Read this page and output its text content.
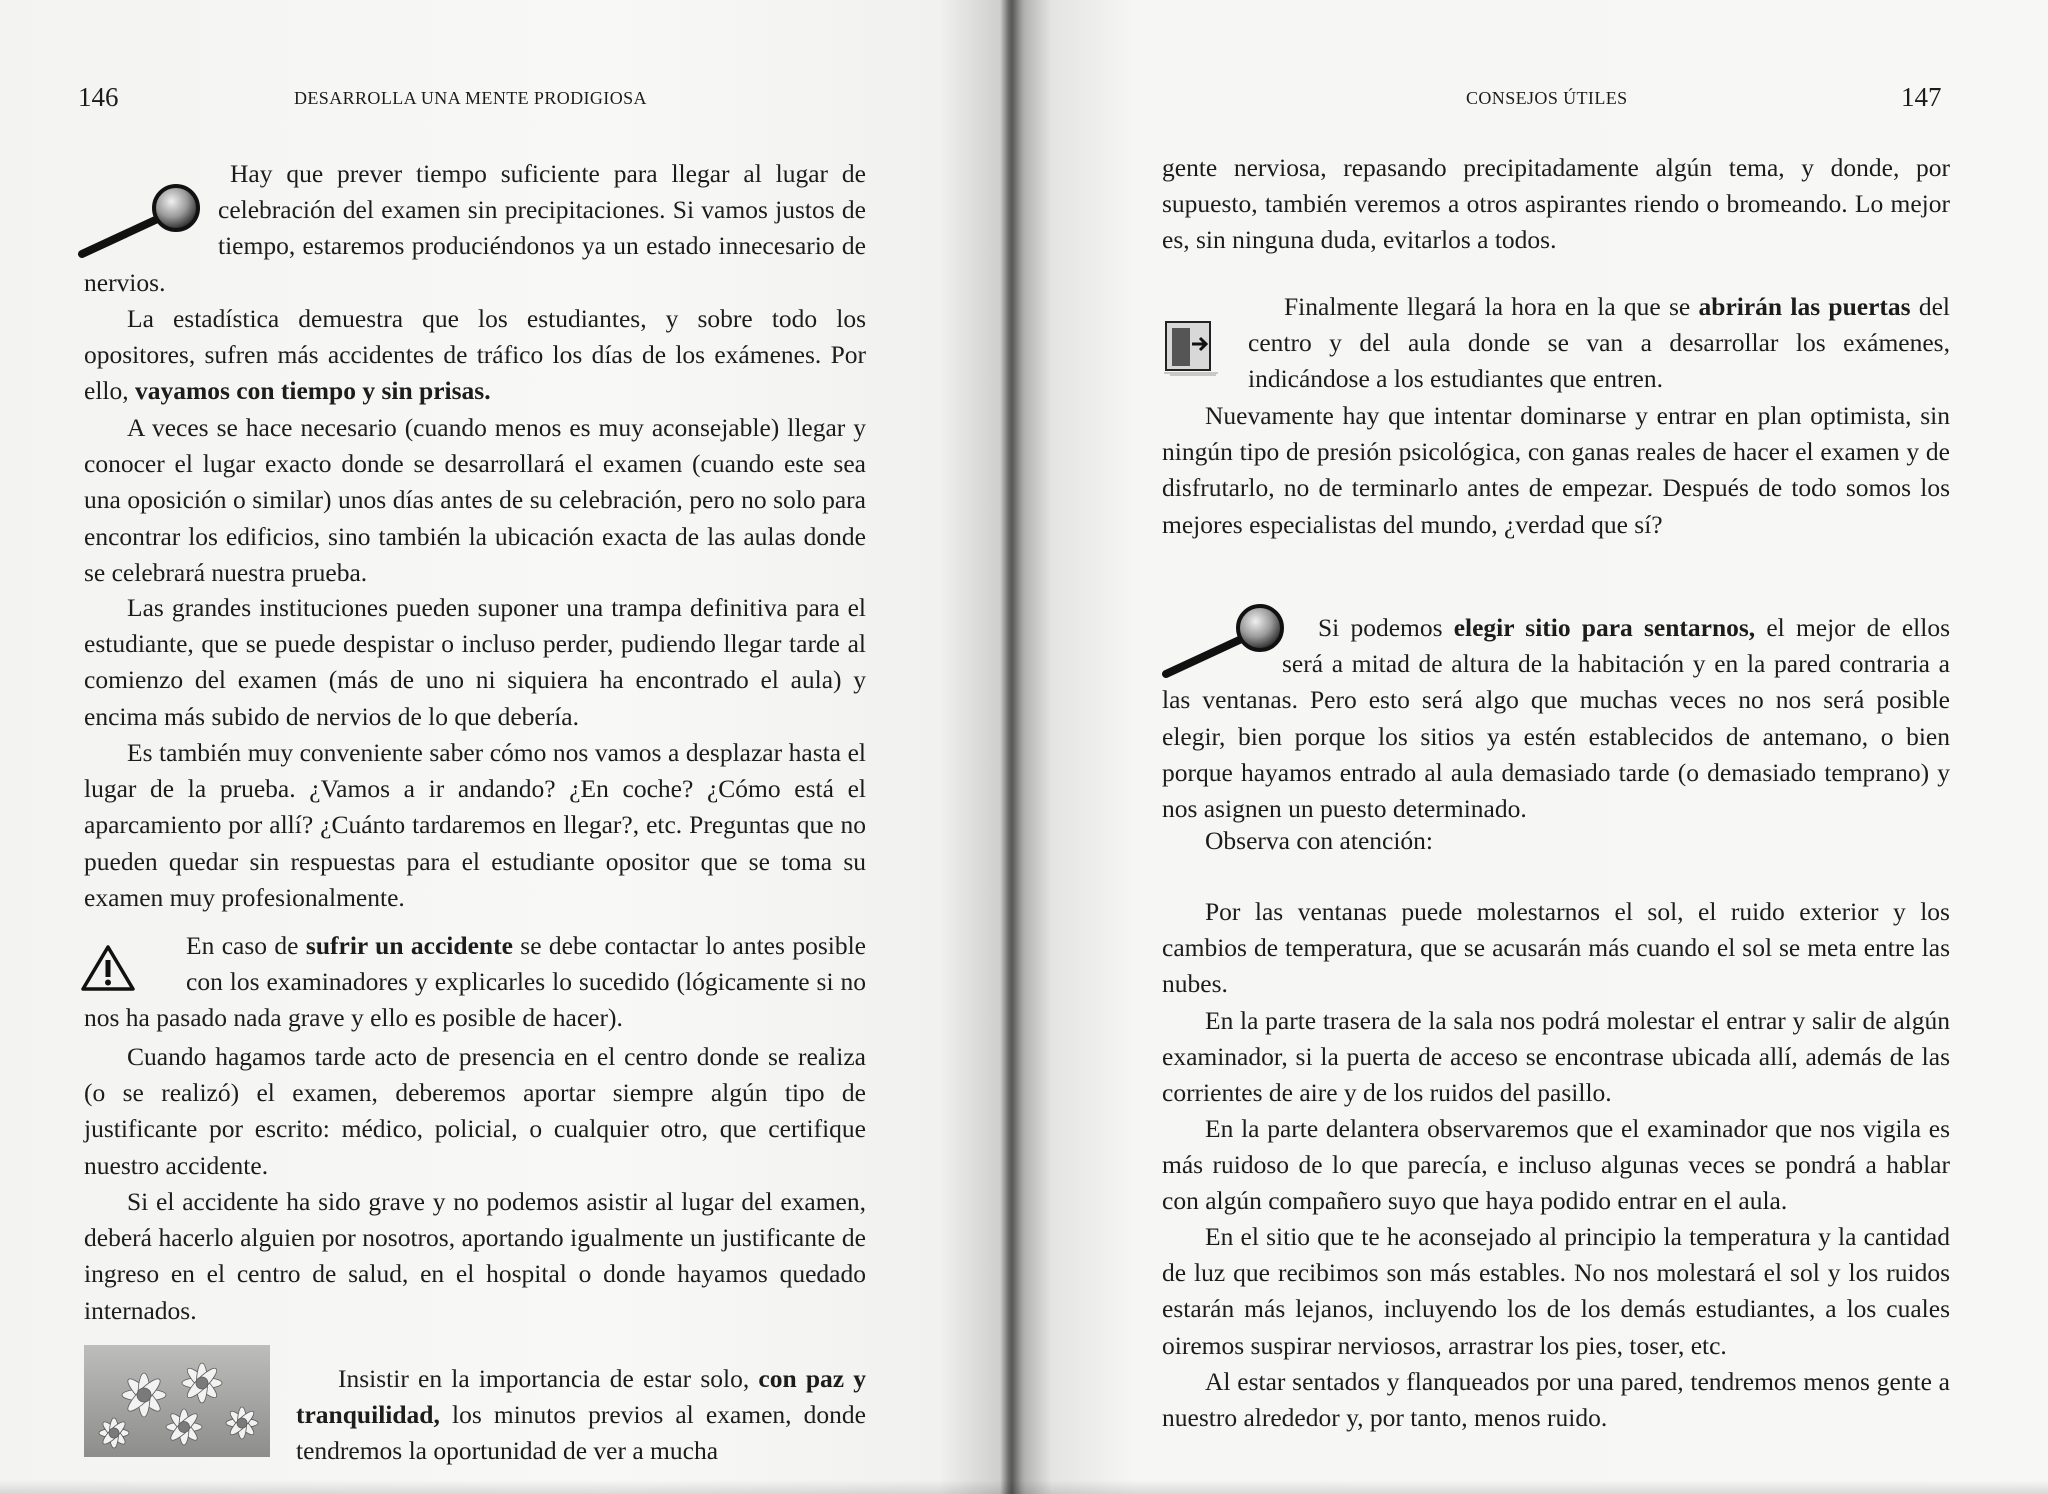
146	DESARROLLA UNA MENTE PRODIGIOSA

Hay que prever tiempo suficiente para llegar al lugar de celebración del examen sin precipitaciones. Si vamos justos de tiempo, estaremos produciéndonos ya un estado innecesario de nervios.

La estadística demuestra que los estudiantes, y sobre todo los opositores, sufren más accidentes de tráfico los días de los exámenes. Por ello, vayamos con tiempo y sin prisas.

A veces se hace necesario (cuando menos es muy aconsejable) llegar y conocer el lugar exacto donde se desarrollará el examen (cuando este sea una oposición o similar) unos días antes de su celebración, pero no solo para encontrar los edificios, sino también la ubicación exacta de las aulas donde se celebrará nuestra prueba.

Las grandes instituciones pueden suponer una trampa definitiva para el estudiante, que se puede despistar o incluso perder, pudiendo llegar tarde al comienzo del examen (más de uno ni siquiera ha encontrado el aula) y encima más subido de nervios de lo que debería.

Es también muy conveniente saber cómo nos vamos a desplazar hasta el lugar de la prueba. ¿Vamos a ir andando? ¿En coche? ¿Cómo está el aparcamiento por allí? ¿Cuánto tardaremos en llegar?, etc. Preguntas que no pueden quedar sin respuestas para el estudiante opositor que se toma su examen muy profesionalmente.

En caso de sufrir un accidente se debe contactar lo antes posible con los examinadores y explicarles lo sucedido (lógicamente si no nos ha pasado nada grave y ello es posible de hacer).

Cuando hagamos tarde acto de presencia en el centro donde se realiza (o se realizó) el examen, deberemos aportar siempre algún tipo de justificante por escrito: médico, policial, o cualquier otro, que certifique nuestro accidente.

Si el accidente ha sido grave y no podemos asistir al lugar del examen, deberá hacerlo alguien por nosotros, aportando igualmente un justificante de ingreso en el centro de salud, en el hospital o donde hayamos quedado internados.

Insistir en la importancia de estar solo, con paz y tranquilidad, los minutos previos al examen, donde tendremos la oportunidad de ver a mucha

CONSEJOS ÚTILES	147

gente nerviosa, repasando precipitadamente algún tema, y donde, por supuesto, también veremos a otros aspirantes riendo o bromeando. Lo mejor es, sin ninguna duda, evitarlos a todos.

Finalmente llegará la hora en la que se abrirán las puertas del centro y del aula donde se van a desarrollar los exámenes, indicándose a los estudiantes que entren.

Nuevamente hay que intentar dominarse y entrar en plan optimista, sin ningún tipo de presión psicológica, con ganas reales de hacer el examen y de disfrutarlo, no de terminarlo antes de empezar. Después de todo somos los mejores especialistas del mundo, ¿verdad que sí?

Si podemos elegir sitio para sentarnos, el mejor de ellos será a mitad de altura de la habitación y en la pared contraria a las ventanas. Pero esto será algo que muchas veces no nos será posible elegir, bien porque los sitios ya estén establecidos de antemano, o bien porque hayamos entrado al aula demasiado tarde (o demasiado temprano) y nos asignen un puesto determinado.

Observa con atención:

Por las ventanas puede molestarnos el sol, el ruido exterior y los cambios de temperatura, que se acusarán más cuando el sol se meta entre las nubes.

En la parte trasera de la sala nos podrá molestar el entrar y salir de algún examinador, si la puerta de acceso se encontrase ubicada allí, además de las corrientes de aire y de los ruidos del pasillo.

En la parte delantera observaremos que el examinador que nos vigila es más ruidoso de lo que parecía, e incluso algunas veces se pondrá a hablar con algún compañero suyo que haya podido entrar en el aula.

En el sitio que te he aconsejado al principio la temperatura y la cantidad de luz que recibimos son más estables. No nos molestará el sol y los ruidos estarán más lejanos, incluyendo los de los demás estudiantes, a los cuales oiremos suspirar nerviosos, arrastrar los pies, toser, etc.

Al estar sentados y flanqueados por una pared, tendremos menos gente a nuestro alrededor y, por tanto, menos ruido.
